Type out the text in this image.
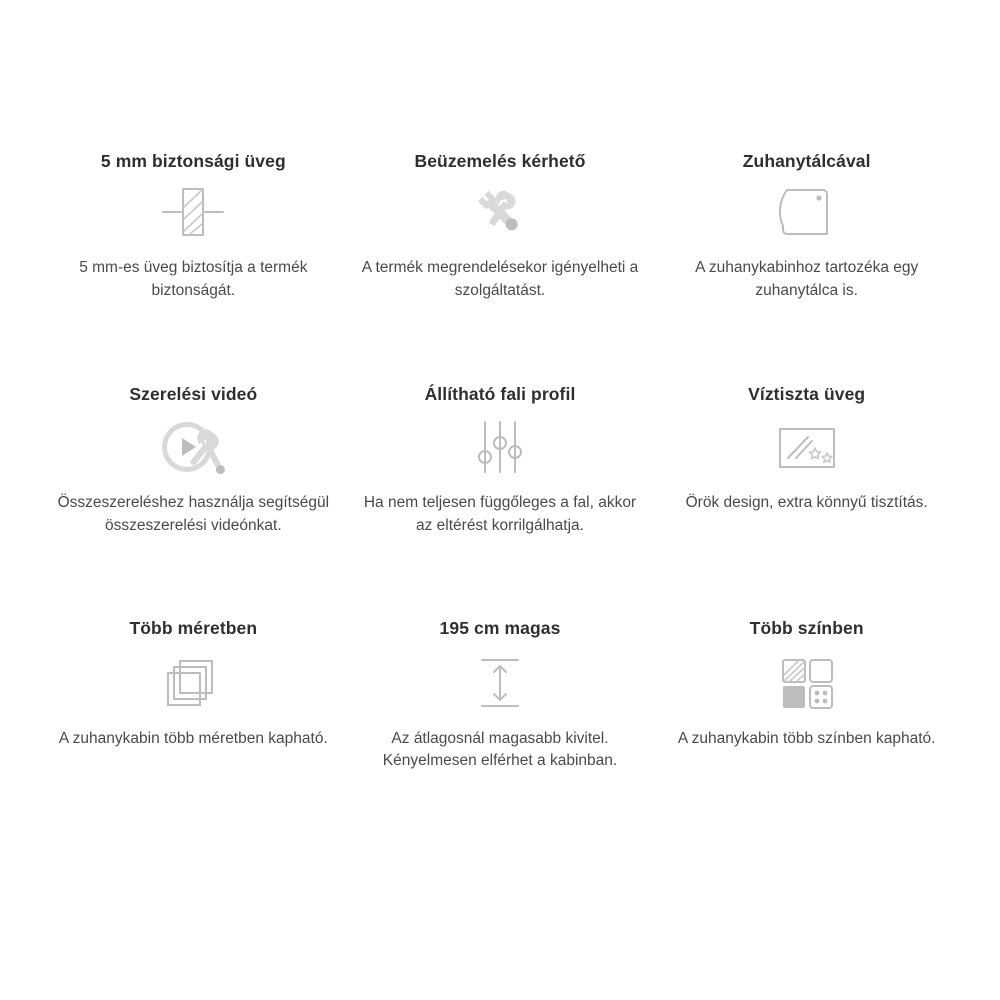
5 mm biztonsági üveg
5 mm-es üveg biztosítja a termék biztonságát.
Beüzemelés kérhető
A termék megrendelésekor igényelheti a szolgáltatást.
Zuhanytálcával
A zuhanykabinhoz tartozéka egy zuhanytálca is.
Szerelési videó
Összeszereléshez használja segítségül összeszerelési videónkat.
Állítható fali profil
Ha nem teljesen függőleges a fal, akkor az eltérést korrilgálhatja.
Víztiszta üveg
Örök design, extra könnyű tisztítás.
Több méretben
A zuhanykabin több méretben kapható.
195 cm magas
Az átlagosnál magasabb kivitel. Kényelmesen elférhet a kabinban.
Több színben
A zuhanykabin több színben kapható.
